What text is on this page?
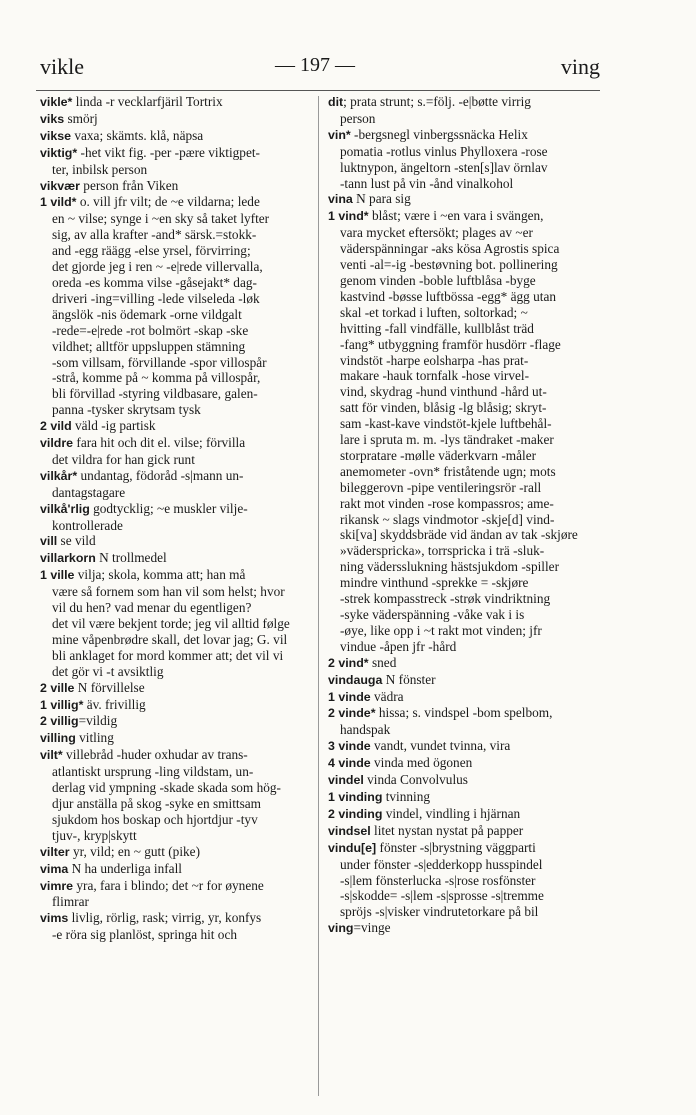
vikle	— 197 —	ving
vikle* linda -r vecklarfjäril Tortrix
viks smörj
vikse vaxa; skämts. klå, näpsa
viktig* -het vikt fig. -per -pære viktigpet-
ter, inbilsk person
vikvær person från Viken
1 vild* o. vill jfr vilt; de ~e vildarna; lede
en ~ vilse; synge i ~en sky så taket lyfter
sig, av alla krafter -and* särsk.=stokk-
and -egg räägg -else yrsel, förvirring;
det gjorde jeg i ren ~ -e|rede villervalla,
oreda -es komma vilse -gåsejakt* dag-
driveri -ing=villing -lede vilseleda -løk
ängslök -nis ödemark -orne vildgalt
-rede=-e|rede -rot bolmört -skap -ske
vildhet; alltför uppsluppen stämning
-som villsam, förvillande -spor villospår
-strå, komme på ~ komma på villospår,
bli förvillad -styring vildbasare, galen-
panna -tysker skrytsam tysk
2 vild väld -ig partisk
vildre fara hit och dit el. vilse; förvilla
det vildra for han gick runt
vilkår* undantag, födoråd -s|mann un-
dantagstagare
vilkå'rlig godtycklig; ~e muskler vilje-
kontrollerade
vill se vild
villarkorn N trollmedel
1 ville vilja; skola, komma att; han må
være så fornem som han vil som helst; hvor
vil du hen? vad menar du egentligen?
det vil være bekjent torde; jeg vil alltid følge
mine våpenbrødre skall, det lovar jag; G. vil
bli anklaget for mord kommer att; det vil vi
det gör vi -t avsiktlig
2 ville N förvillelse
1 villig* äv. frivillig
2 villig=vildig
villing vitling
vilt* villebråd -huder oxhudar av trans-
atlantiskt ursprung -ling vildstam, un-
derlag vid ympning -skade skada som hög-
djur anställa på skog -syke en smittsam
sjukdom hos boskap och hjortdjur -tyv
tjuv-, kryp|skytt
vilter yr, vild; en ~ gutt (pike)
vima N ha underliga infall
vimre yra, fara i blindo; det ~r for øynene
flimrar
vims livlig, rörlig, rask; virrig, yr, konfys
-e röra sig planlöst, springa hit och
dit; prata strunt; s.=följ. -e|bøtte virrig
person
vin* -bergsnegl vinbergssnäcka Helix
pomatia -rotlus vinlus Phylloxera -rose
luktnypon, ängeltorn -sten[s]lav örnlav
-tann lust på vin -ånd vinalkohol
vina N para sig
1 vind* blåst; være i ~en vara i svängen,
vara mycket eftersökt; plages av ~er
väderspänningar -aks kösa Agrostis spica
venti -al=-ig -bestøvning bot. pollinering
genom vinden -boble luftblåsa -byge
kastvind -bøsse luftbössa -egg* ägg utan
skal -et torkad i luften, soltorkad; ~
hvitting -fall vindfälle, kullblåst träd
-fang* utbyggning framför husdörr -flage
vindstöt -harpe eolsharpa -has prat-
makare -hauk tornfalk -hose virvel-
vind, skydrag -hund vinthund -hård ut-
satt för vinden, blåsig -lg blåsig; skryt-
sam -kast-kave vindstöt-kjele luftbehål-
lare i spruta m. m. -lys tändraket -maker
storpratare -mølle väderkvarn -måler
anemometer -ovn* friståtende ugn; mots
bileggerovn -pipe ventileringsrör -rall
rakt mot vinden -rose kompassros; ame-
rikansk ~ slags vindmotor -skje[d] vind-
ski[va] skyddsbräde vid ändan av tak -skjøre
»vädersprickа», torrspricka i trä -sluk-
ning vädersslukning hästsjukdom -spiller
mindre vinthund -sprekke = -skjøre
-strek kompasstreck -strøk vindriktning
-syke väderspänning -våke vak i is
-øye, like opp i ~t rakt mot vinden; jfr
vindue -åpen jfr -hård
2 vind* sned
vindauga N fönster
1 vinde vädra
2 vinde* hissa; s. vindspel -bom spelbom,
handspak
3 vinde vandt, vundet tvinna, vira
4 vinde vinda med ögonen
vindel vinda Convolvulus
1 vinding tvinning
2 vinding vindel, vindling i hjärnan
vindsel litet nystan nystat på papper
vindu[e] fönster -s|brystning väggparti
under fönster -s|edderkopp husspindel
-s|lem fönsterlucka -s|rose rosfönster
-s|skodde= -s|lem -s|sprosse -s|tremme
spröjs -s|visker vindrutetorkare på bil
ving=vinge
